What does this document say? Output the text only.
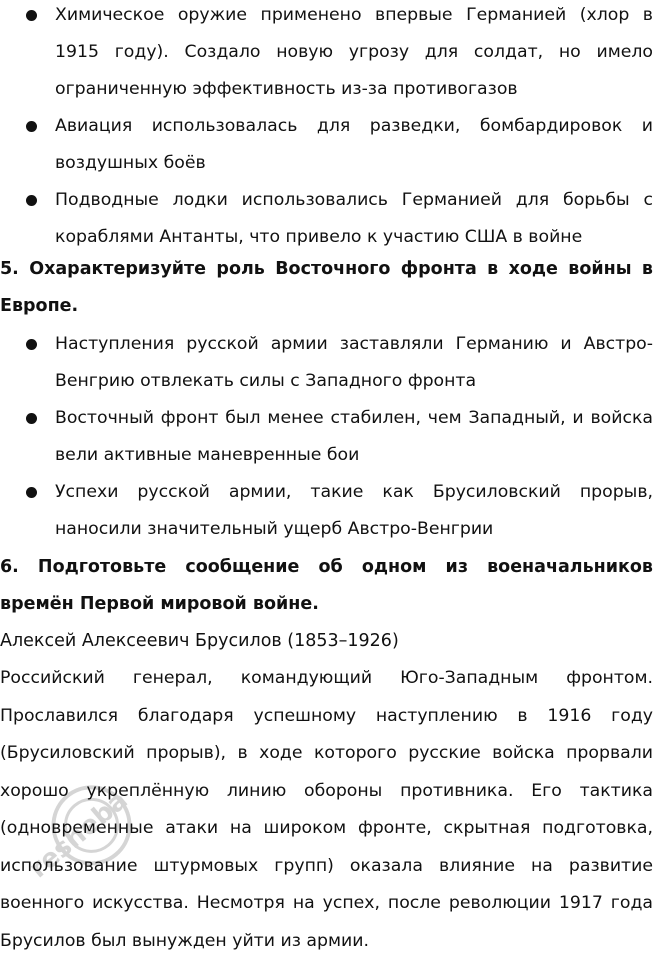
Химическое оружие применено впервые Германией (хлор в 1915 году). Создало новую угрозу для солдат, но имело ограниченную эффективность из-за противогазов
Авиация использовалась для разведки, бомбардировок и воздушных боёв
Подводные лодки использовались Германией для борьбы с кораблями Антанты, что привело к участию США в войне
5. Охарактеризуйте роль Восточного фронта в ходе войны в Европе.
Наступления русской армии заставляли Германию и Австро-Венгрию отвлекать силы с Западного фронта
Восточный фронт был менее стабилен, чем Западный, и войска вели активные маневренные бои
Успехи русской армии, такие как Брусиловский прорыв, наносили значительный ущерб Австро-Венгрии
6. Подготовьте сообщение об одном из военачальников времён Первой мировой войне.

Алексей Алексеевич Брусилов (1853–1926)

Российский генерал, командующий Юго-Западным фронтом. Прославился благодаря успешному наступлению в 1916 году (Брусиловский прорыв), в ходе которого русские войска прорвали хорошо укреплённую линию обороны противника. Его тактика (одновременные атаки на широком фронте, скрытная подготовка, использование штурмовых групп) оказала влияние на развитие военного искусства. Несмотря на успех, после революции 1917 года Брусилов был вынужден уйти из армии.

resheba
